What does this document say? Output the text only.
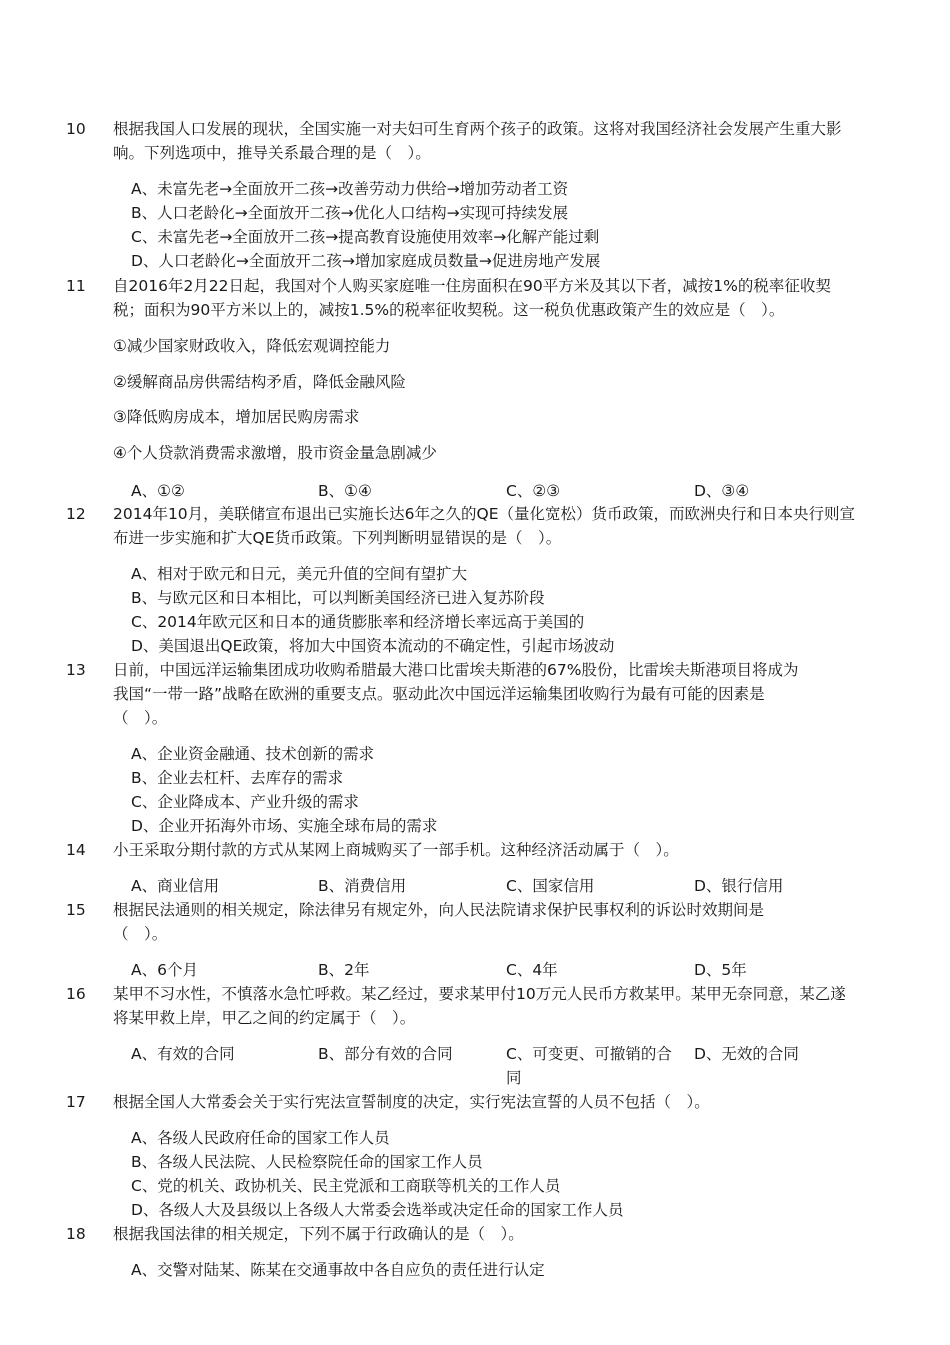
10 根据我国人口发展的现状，全国实施一对夫妇可生育两个孩子的政策。这将对我国经济社会发展产生重大影响。下列选项中，推导关系最合理的是（　）。
A、未富先老→全面放开二孩→改善劳动力供给→增加劳动者工资
B、人口老龄化→全面放开二孩→优化人口结构→实现可持续发展
C、未富先老→全面放开二孩→提高教育设施使用效率→化解产能过剩
D、人口老龄化→全面放开二孩→增加家庭成员数量→促进房地产发展
11 自2016年2月22日起，我国对个人购买家庭唯一住房面积在90平方米及其以下者，减按1%的税率征收契税；面积为90平方米以上的，减按1.5%的税率征收契税。这一税负优惠政策产生的效应是（　）。
①减少国家财政收入，降低宏观调控能力
②缓解商品房供需结构矛盾，降低金融风险
③降低购房成本，增加居民购房需求
④个人贷款消费需求激增，股市资金量急剧减少
A、①②	B、①④	C、②③	D、③④
12 2014年10月，美联储宣布退出已实施长达6年之久的QE（量化宽松）货币政策，而欧洲央行和日本央行则宣布进一步实施和扩大QE货币政策。下列判断明显错误的是（　）。
A、相对于欧元和日元，美元升值的空间有望扩大
B、与欧元区和日本相比，可以判断美国经济已进入复苏阶段
C、2014年欧元区和日本的通货膨胀率和经济增长率远高于美国的
D、美国退出QE政策，将加大中国资本流动的不确定性，引起市场波动
13 日前，中国远洋运输集团成功收购希腊最大港口比雷埃夫斯港的67%股份，比雷埃夫斯港项目将成为
我国“一带一路”战略在欧洲的重要支点。驱动此次中国远洋运输集团收购行为最有可能的因素是
（　）。
A、企业资金融通、技术创新的需求
B、企业去杠杆、去库存的需求
C、企业降成本、产业升级的需求
D、企业开拓海外市场、实施全球布局的需求
14 小王采取分期付款的方式从某网上商城购买了一部手机。这种经济活动属于（　）。
A、商业信用	B、消费信用	C、国家信用	D、银行信用
15 根据民法通则的相关规定，除法律另有规定外，向人民法院请求保护民事权利的诉讼时效期间是
（　）。
A、6个月	B、2年	C、4年	D、5年
16 某甲不习水性，不慎落水急忙呼救。某乙经过，要求某甲付10万元人民币方救某甲。某甲无奈同意，某乙遂将某甲救上岸，甲乙之间的约定属于（　）。
A、有效的合同	B、部分有效的合同	C、可变更、可撤销的合同
D、无效的合同
17 根据全国人大常委会关于实行宪法宣誓制度的决定，实行宪法宣誓的人员不包括（　）。
A、各级人民政府任命的国家工作人员
B、各级人民法院、人民检察院任命的国家工作人员
C、党的机关、政协机关、民主党派和工商联等机关的工作人员
D、各级人大及县级以上各级人大常委会选举或决定任命的国家工作人员
18 根据我国法律的相关规定，下列不属于行政确认的是（　）。
A、交警对陆某、陈某在交通事故中各自应负的责任进行认定
